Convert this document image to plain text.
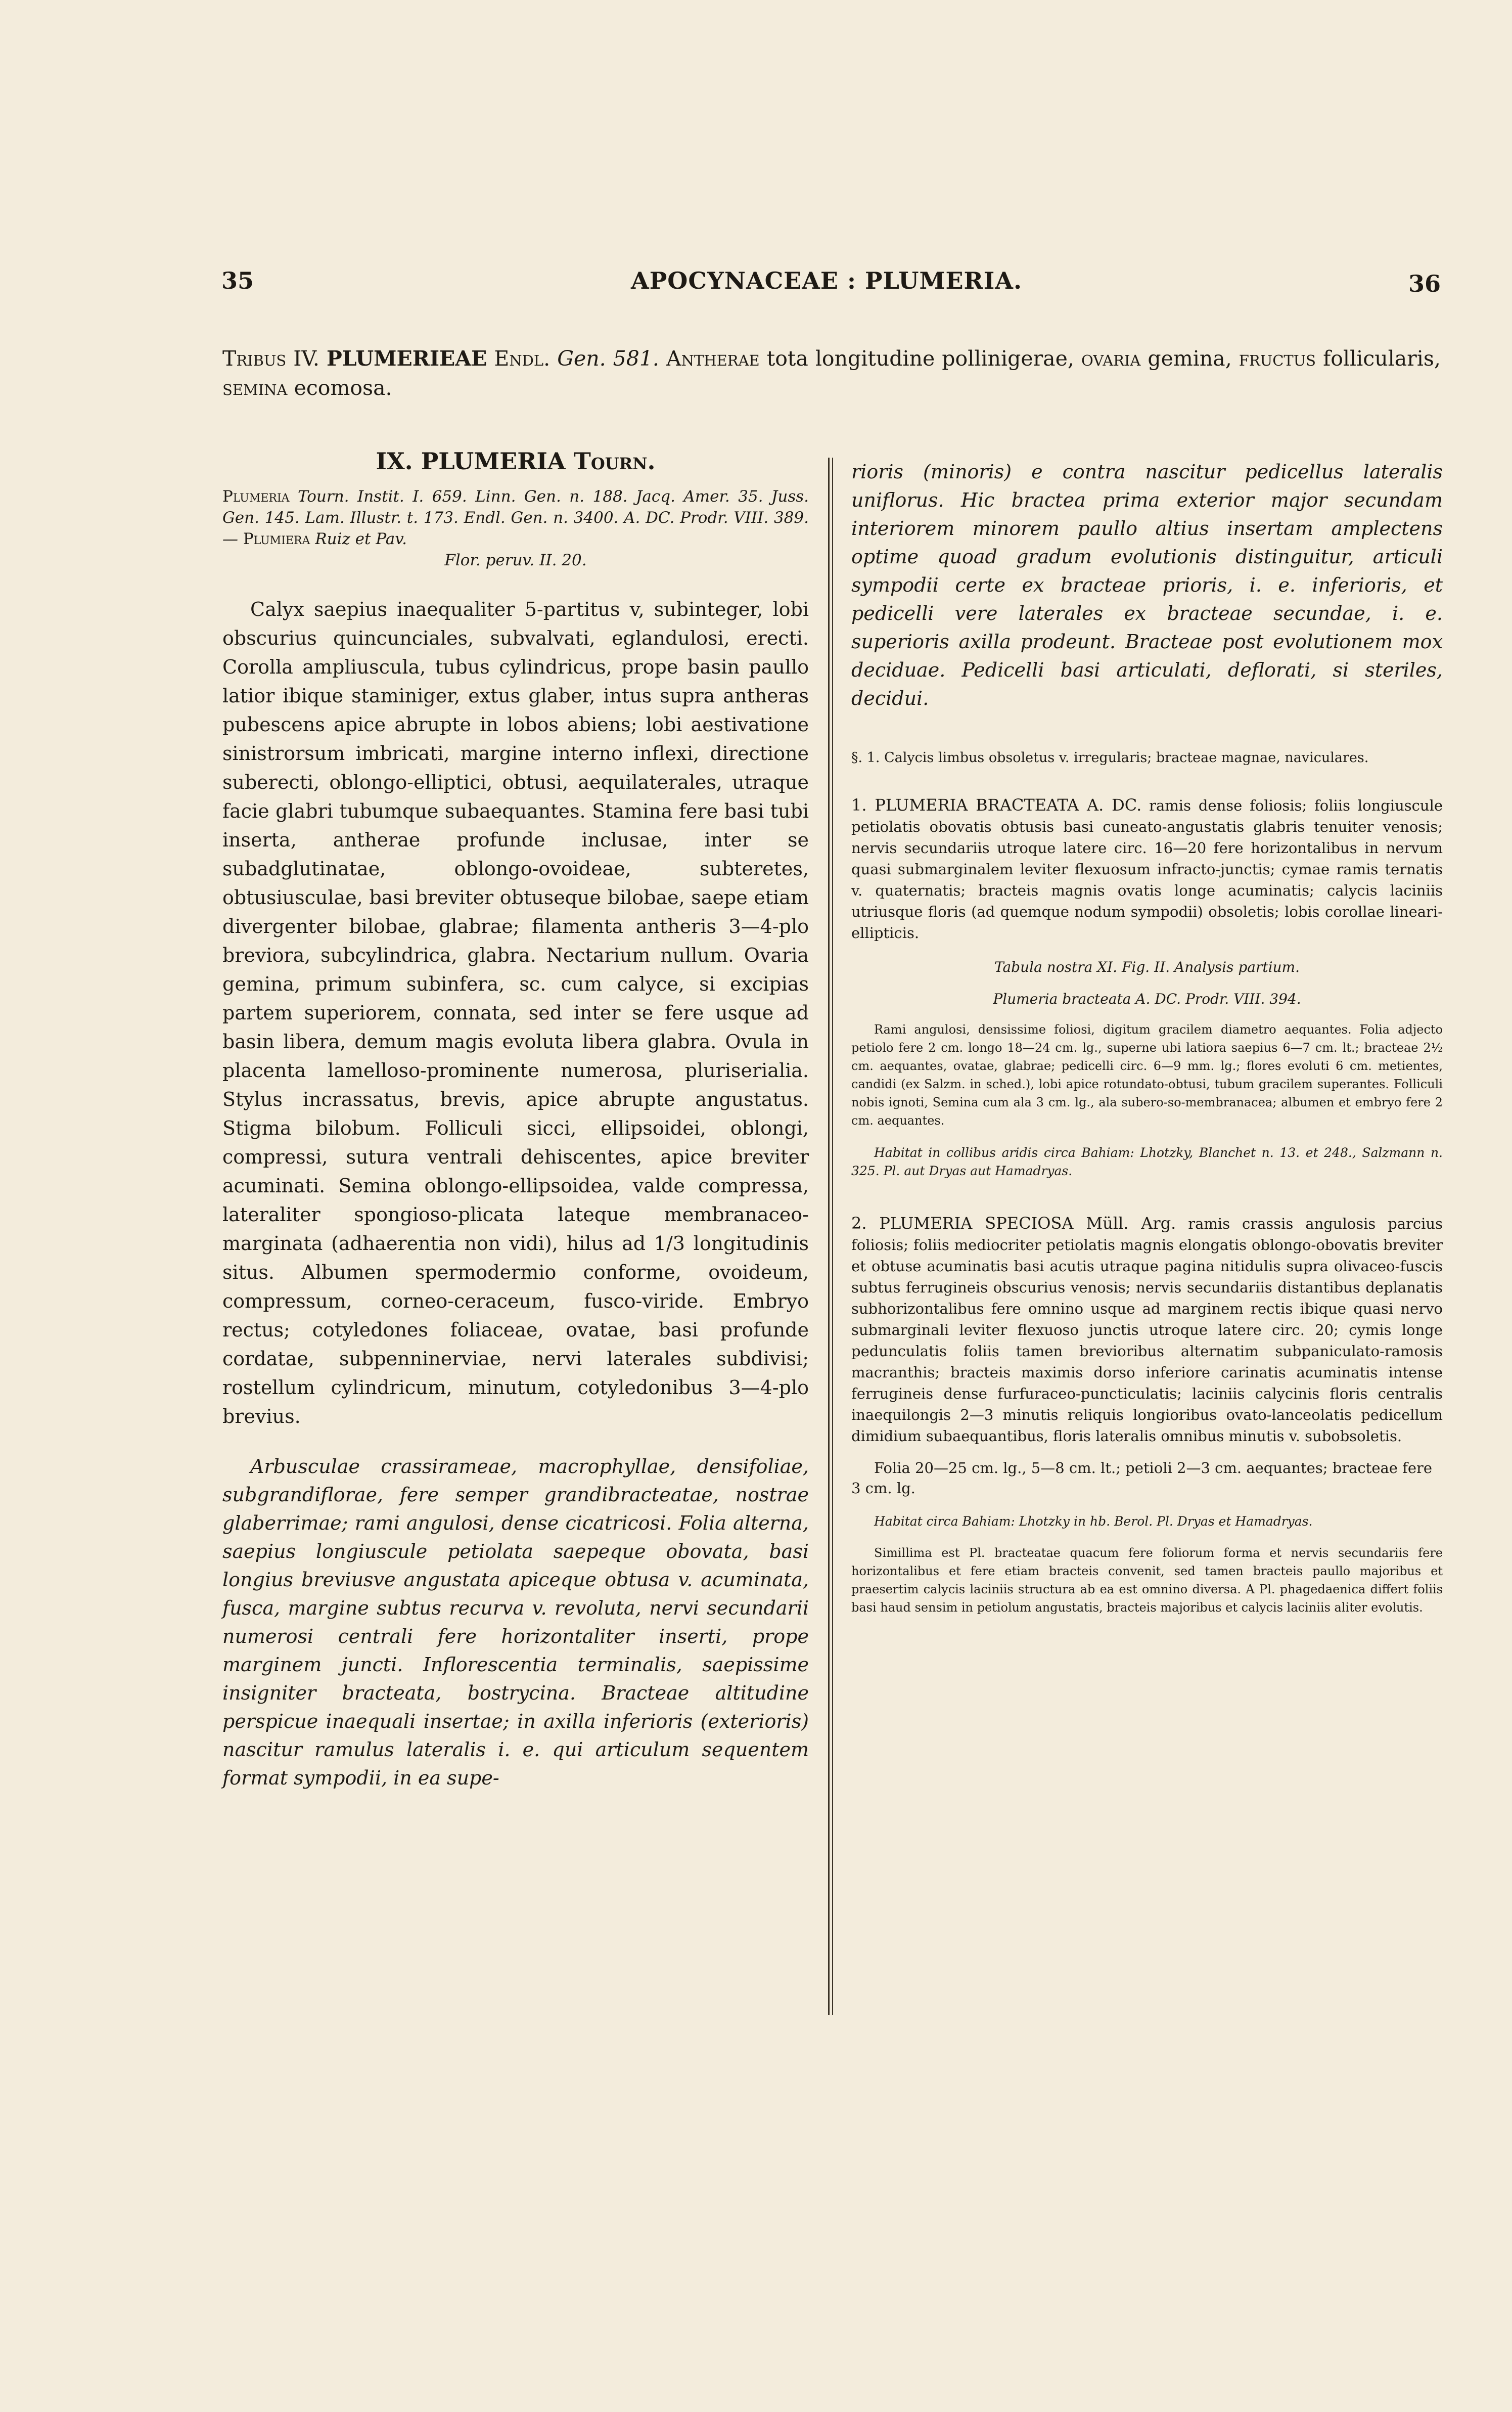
35	APOCYNACEAE : PLUMERIA.	36
Tribus IV. PLUMERIEAE Endl. Gen. 581. Antherae tota longitudine pollinigerae, ovaria gemina, fructus follicularis, semina ecomosa.
IX. PLUMERIA Tourn.
Plumeria Tourn. Instit. I. 659. Linn. Gen. n. 188. Jacq. Amer. 35. Juss. Gen. 145. Lam. Illustr. t. 173. Endl. Gen. n. 3400. A. DC. Prodr. VIII. 389. — Plumiera Ruiz et Pav.
Flor. peruv. II. 20.

Calyx saepius inaequaliter 5-partitus v, subinteger, lobi obscurius quincunciales, subvalvati, eglandulosi, erecti. Corolla ampliuscula, tubus cylindricus, prope basin paullo latior ibique staminiger, extus glaber, intus supra antheras pubescens apice abrupte in lobos abiens; lobi aestivatione sinistrorsum imbricati, margine interno inflexi, directione suberecti, oblongo-elliptici, obtusi, aequilaterales, utraque facie glabri tubumque subaequantes. Stamina fere basi tubi inserta, antherae profunde inclusae, inter se subadglutinatae, oblongo-ovoideae, subteretes, obtusiusculae, basi breviter obtuseque bilobae, saepe etiam divergenter bilobae, glabrae; filamenta antheris 3—4-plo breviora, subcylindrica, glabra. Nectarium nullum. Ovaria gemina, primum subinfera, sc. cum calyce, si excipias partem superiorem, connata, sed inter se fere usque ad basin libera, demum magis evoluta libera glabra. Ovula in placenta lamelloso-prominente numerosa, pluriserialia. Stylus incrassatus, brevis, apice abrupte angustatus. Stigma bilobum. Folliculi sicci, ellipsoidei, oblongi, compressi, sutura ventrali dehiscentes, apice breviter acuminati. Semina oblongo-ellipsoidea, valde compressa, lateraliter spongioso-plicata lateque membranaceo-marginata (adhaerentia non vidi), hilus ad 1/3 longitudinis situs. Albumen spermodermio conforme, ovoideum, compressum, corneo-ceraceum, fusco-viride. Embryo rectus; cotyledones foliaceae, ovatae, basi profunde cordatae, subpenninerviae, nervi laterales subdivisi; rostellum cylindricum, minutum, cotyledonibus 3—4-plo brevius.

Arbusculae crassirameae, macrophyllae, densifoliae, subgrandiflorae, fere semper grandibracteatae, nostrae glaberrimae; rami angulosi, dense cicatricosi. Folia alterna, saepius longiuscule petiolata saepeque obovata, basi longius breviusve angustata apiceque obtusa v. acuminata, fusca, margine subtus recurva v. revoluta, nervi secundarii numerosi centrali fere horizontaliter inserti, prope marginem juncti. Inflorescentia terminalis, saepissime insigniter bracteata, bostrycina. Bracteae altitudine perspicue inaequali insertae; in axilla inferioris (exterioris) nascitur ramulus lateralis i. e. qui articulum sequentem format sympodii, in ea supe-

rioris (minoris) e contra nascitur pedicellus lateralis uniflorus. Hic bractea prima exterior major secundam interiorem minorem paullo altius insertam amplectens optime quoad gradum evolutionis distinguitur, articuli sympodii certe ex bracteae prioris, i. e. inferioris, et pedicelli vere laterales ex bracteae secundae, i. e. superioris axilla prodeunt. Bracteae post evolutionem mox deciduae. Pedicelli basi articulati, deflorati, si steriles, decidui.

§. 1. Calycis limbus obsoletus v. irregularis; bracteae magnae, naviculares.

1. PLUMERIA BRACTEATA A. DC. ramis dense foliosis; foliis longiuscule petiolatis obovatis obtusis basi cuneato-angustatis glabris tenuiter venosis; nervis secundariis utroque latere circ. 16—20 fere horizontalibus in nervum quasi submarginalem leviter flexuosum infracto-junctis; cymae ramis ternatis v. quaternatis; bracteis magnis ovatis longe acuminatis; calycis laciniis utriusque floris (ad quemque nodum sympodii) obsoletis; lobis corollae lineari-ellipticis.

Tabula nostra XI. Fig. II. Analysis partium.

Plumeria bracteata A. DC. Prodr. VIII. 394.

Rami angulosi, densissime foliosi, digitum gracilem diametro aequantes. Folia adjecto petiolo fere 2 cm. longo 18—24 cm. lg., superne ubi latiora saepius 6—7 cm. lt.; bracteae 2½ cm. aequantes, ovatae, glabrae; pedicelli circ. 6—9 mm. lg.; flores evoluti 6 cm. metientes, candidi (ex Salzm. in sched.), lobi apice rotundato-obtusi, tubum gracilem superantes. Folliculi nobis ignoti, Semina cum ala 3 cm. lg., ala subero-so-membranacea; albumen et embryo fere 2 cm. aequantes.

Habitat in collibus aridis circa Bahiam: Lhotzky, Blanchet n. 13. et 248., Salzmann n. 325. Pl. aut Dryas aut Hamadryas.

2. PLUMERIA SPECIOSA Müll. Arg. ramis crassis angulosis parcius foliosis; foliis mediocriter petiolatis magnis elongatis oblongo-obovatis breviter et obtuse acuminatis basi acutis utraque pagina nitidulis supra olivaceo-fuscis subtus ferrugineis obscurius venosis; nervis secundariis distantibus deplanatis subhorizontalibus fere omnino usque ad marginem rectis ibique quasi nervo submarginali leviter flexuoso junctis utroque latere circ. 20; cymis longe pedunculatis foliis tamen brevioribus alternatim subpaniculato-ramosis macranthis; bracteis maximis dorso inferiore carinatis acuminatis intense ferrugineis dense furfuraceo-puncticulatis; laciniis calycinis floris centralis inaequilongis 2—3 minutis reliquis longioribus ovato-lanceolatis pedicellum dimidium subaequantibus, floris lateralis omnibus minutis v. subobsoletis.

Folia 20—25 cm. lg., 5—8 cm. lt.; petioli 2—3 cm. aequantes; bracteae fere 3 cm. lg.

Habitat circa Bahiam: Lhotzky in hb. Berol. Pl. Dryas et Hamadryas.

Simillima est Pl. bracteatae quacum fere foliorum forma et nervis secundariis fere horizontalibus et fere etiam bracteis convenit, sed tamen bracteis paullo majoribus et praesertim calycis laciniis structura ab ea est omnino diversa. A Pl. phagedaenica differt foliis basi haud sensim in petiolum angustatis, bracteis majoribus et calycis laciniis aliter evolutis.
